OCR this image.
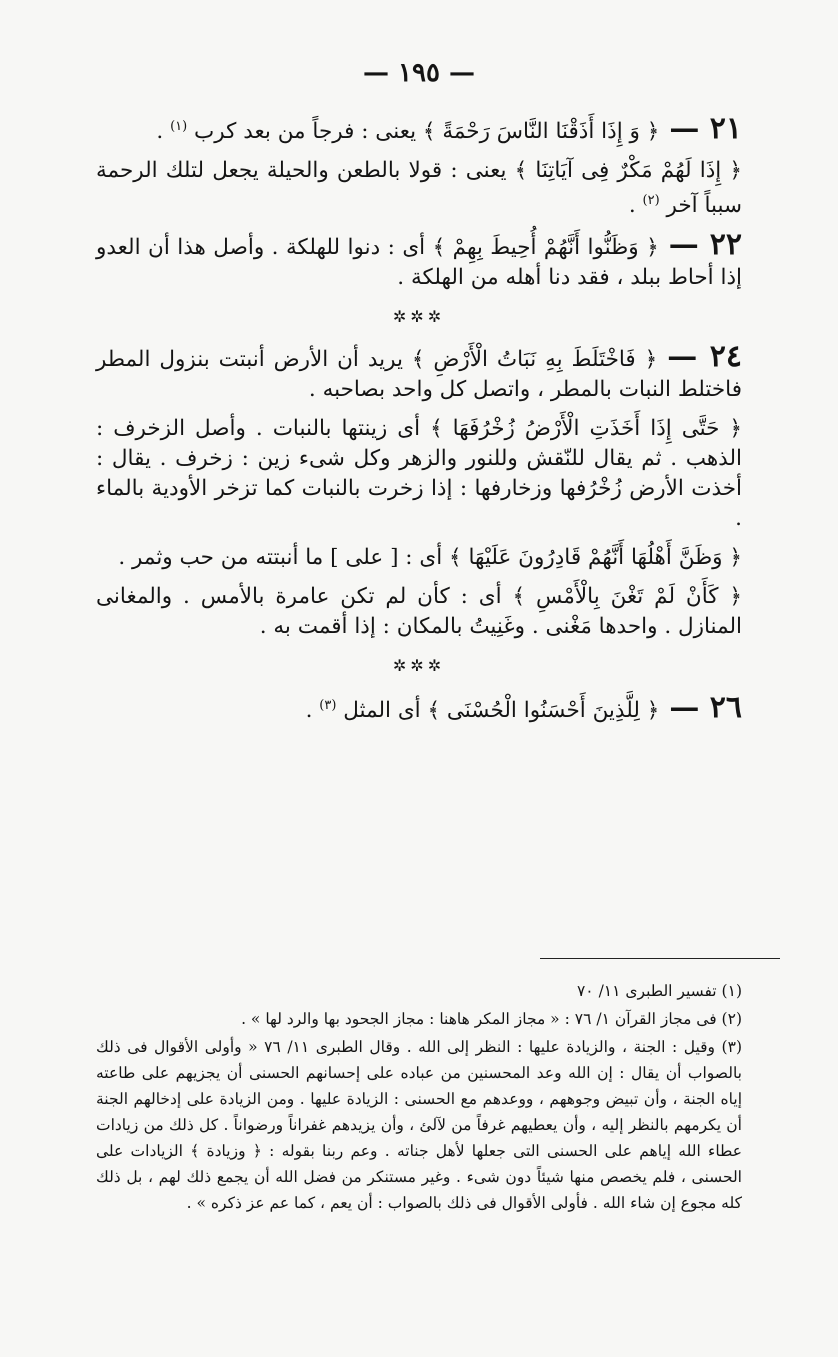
— ١٩٥ —

٢١ —﴿ وَ إِذَا أَذَقْنَا النَّاسَ رَحْمَةً ﴾ يعنى : فرجاً من بعد كرب $^{(١)}$ .

﴿ إِذَا لَهُمْ مَكْرٌ فِى آيَاتِنَا ﴾ يعنى : قولا بالطعن والحيلة يجعل لتلك الرحمة سبباً آخر $^{(٢)}$ .

٢٢ —﴿ وَظَنُّوا أَنَّهُمْ أُحِيطَ بِهِمْ ﴾ أى : دنوا للهلكة . وأصل هذا أن العدو إذا أحاط ببلد ، فقد دنا أهله من الهلكة .

✲✲✲

٢٤ —﴿ فَاخْتَلَطَ بِهِ نَبَاتُ الْأَرْضِ ﴾ يريد أن الأرض أنبتت بنزول المطر فاختلط النبات بالمطر ، واتصل كل واحد بصاحبه .

﴿ حَتَّى إِذَا أَخَذَتِ الْأَرْضُ زُخْرُفَهَا ﴾ أى زينتها بالنبات . وأصل الزخرف : الذهب . ثم يقال للنّقش وللنور والزهر وكل شىء زين : زخرف . يقال : أخذت الأرض زُخْرُفها وزخارفها : إذا زخرت بالنبات كما تزخر الأودية بالماء .

﴿ وَظَنَّ أَهْلُهَا أَنَّهُمْ قَادِرُونَ عَلَيْهَا ﴾ أى : [ على ] ما أنبتته من حب وثمر .

﴿ كَأَنْ لَمْ تَغْنَ بِالْأَمْسِ ﴾ أى : كأن لم تكن عامرة بالأمس . والمغانى المنازل . واحدها مَغْنى . وغَنِيتُ بالمكان : إذا أقمت به .

✲✲✲

٢٦ —﴿ لِلَّذِينَ أَحْسَنُوا الْحُسْنَى ﴾ أى المثل $^{(٣)}$ .

(١) تفسير الطبرى ١١/ ٧٠

(٢) فى مجاز القرآن ١/ ٧٦ : « مجاز المكر هاهنا : مجاز الجحود بها والرد لها » .

(٣) وقيل : الجنة ، والزيادة عليها : النظر إلى الله . وقال الطبرى ١١/ ٧٦ « وأولى الأقوال فى ذلك بالصواب أن يقال : إن الله وعد المحسنين من عباده على إحسانهم الحسنى أن يجزيهم على طاعته إياه الجنة ، وأن تبيض وجوههم ، ووعدهم مع الحسنى : الزيادة عليها . ومن الزيادة على إدخالهم الجنة أن يكرمهم بالنظر إليه ، وأن يعطيهم غرفاً من لآلئ ، وأن يزيدهم غفراناً ورضواناً . كل ذلك من زيادات عطاء الله إياهم على الحسنى التى جعلها لأهل جناته . وعم ربنا بقوله : ﴿ وزيادة ﴾ الزيادات على الحسنى ، فلم يخصص منها شيئاً دون شىء . وغير مستنكر من فضل الله أن يجمع ذلك لهم ، بل ذلك كله مجوع إن شاء الله . فأولى الأقوال فى ذلك بالصواب : أن يعم ، كما عم عز ذكره » .
